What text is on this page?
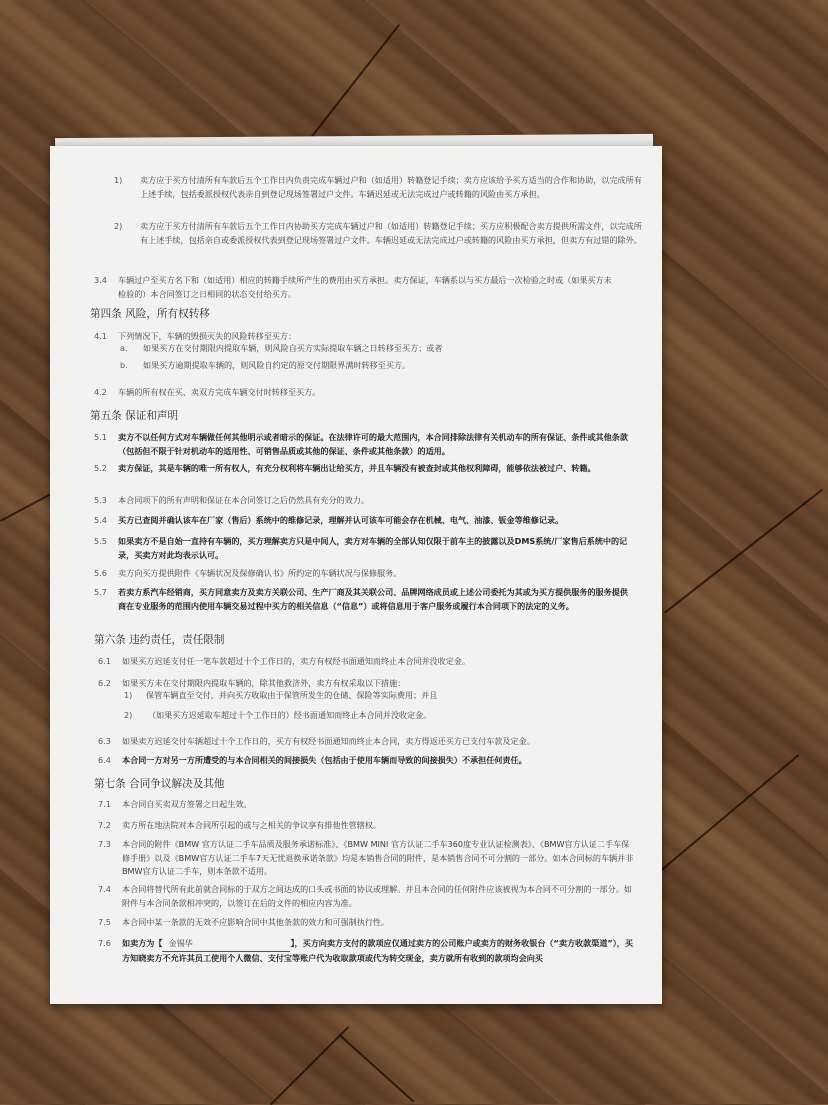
1) 卖方应于买方付清所有车款后五个工作日内负责完成车辆过户和（如适用）转籍登记手续；卖方应该给予买方适当的合作和协助，以完成所有上述手续，包括委派授权代表亲自到登记现场签署过户文件。车辆迟延或无法完成过户或转籍的风险由买方承担。
2) 卖方应于买方付清所有车款后五个工作日内协助买方完成车辆过户和（如适用）转籍登记手续；买方应积极配合卖方提供所需文件，以完成所有上述手续，包括亲自或委派授权代表到登记现场签署过户文件。车辆迟延或无法完成过户或转籍的风险由买方承担，但卖方有过错的除外。
3.4 车辆过户至买方名下和（如适用）相应的转籍手续所产生的费用由买方承担。卖方保证，车辆系以与买方最后一次检验之时或（如果买方未检验的）本合同签订之日相同的状态交付给买方。
第四条 风险，所有权转移
4.1 下列情况下，车辆的毁损灭失的风险转移至买方：
a. 如果买方在交付期限内提取车辆，则风险自买方实际提取车辆之日转移至买方；或者
b. 如果买方逾期提取车辆的，则风险自约定的原交付期限界满时转移至买方。
4.2 车辆的所有权在买、卖双方完成车辆交付时转移至买方。
第五条 保证和声明
5.1 卖方不以任何方式对车辆做任何其他明示或者暗示的保证。在法律许可的最大范围内，本合同排除法律有关机动车的所有保证、条件或其他条款（包括但不限于针对机动车的适用性、可销售品质或其他的保证、条件或其他条款）的适用。
5.2 卖方保证，其是车辆的唯一所有权人，有充分权利将车辆出让给买方，并且车辆没有被查封或其他权利障碍，能够依法被过户、转籍。
5.3 本合同项下的所有声明和保证在本合同签订之后仍然具有充分的效力。
5.4 买方已查阅并确认该车在厂家（售后）系统中的维修记录，理解并认可该车可能会存在机械、电气、油漆、钣金等维修记录。
5.5 如果卖方不是自始一直持有车辆的，买方理解卖方只是中间人，卖方对车辆的全部认知仅限于前车主的披露以及DMS系统/厂家售后系统中的记录，买卖方对此均表示认可。
5.6 卖方向买方提供附件《车辆状况及保修确认书》所约定的车辆状况与保修服务。
5.7 若卖方系汽车经销商，买方同意卖方及卖方关联公司、生产厂商及其关联公司、品牌网络成员或上述公司委托为其或为买方提供服务的服务提供商在专业服务的范围内使用车辆交易过程中买方的相关信息（“信息”）或将信息用于客户服务或履行本合同项下的法定的义务。
第六条 违约责任，责任限制
6.1 如果买方迟延支付任一笔车款超过十个工作日的，卖方有权经书面通知而终止本合同并没收定金。
6.2 如果买方未在交付期限内提取车辆的，除其他救济外，卖方有权采取以下措施：
1) 保管车辆直至交付，并向买方收取由于保管所发生的仓储、保险等实际费用；并且
2) （如果买方迟延取车超过十个工作日的）经书面通知而终止本合同并没收定金。
6.3 如果卖方迟延交付车辆超过十个工作日的，买方有权经书面通知而终止本合同，卖方得返还买方已支付车款及定金。
6.4 本合同一方对另一方所遭受的与本合同相关的间接损失（包括由于使用车辆而导致的间接损失）不承担任何责任。
第七条 合同争议解决及其他
7.1 本合同自买卖双方签署之日起生效。
7.2 卖方所在地法院对本合同所引起的或与之相关的争议享有排他性管辖权。
7.3 本合同的附件《BMW 官方认证二手车品质及服务承诺标准》、《BMW MINI 官方认证二手车360度专业认证检测表》、《BMW官方认证二手车保修手册》以及《BMW官方认证二手车7天无忧退换承诺条款》均是本销售合同的附件，是本销售合同不可分割的一部分。如本合同标的车辆并非BMW官方认证二手车，则本条款不适用。
7.4 本合同将替代所有此前就合同标的于双方之间达成的口头或书面的协议或理解。并且本合同的任何附件应该被视为本合同不可分割的一部分。如附件与本合同条款相冲突的，以签订在后的文件的相应内容为准。
7.5 本合同中某一条款的无效不应影响合同中其他条款的效力和可强制执行性。
7.6 如卖方为【 金锡华	】，买方向卖方支付的款项应仅通过卖方的公司账户或卖方的财务收银台（“卖方收款渠道”），买方知晓卖方不允许其员工使用个人微信、支付宝等账户代为收取款项或代为转交现金，卖方就所有收到的款项均会向买
